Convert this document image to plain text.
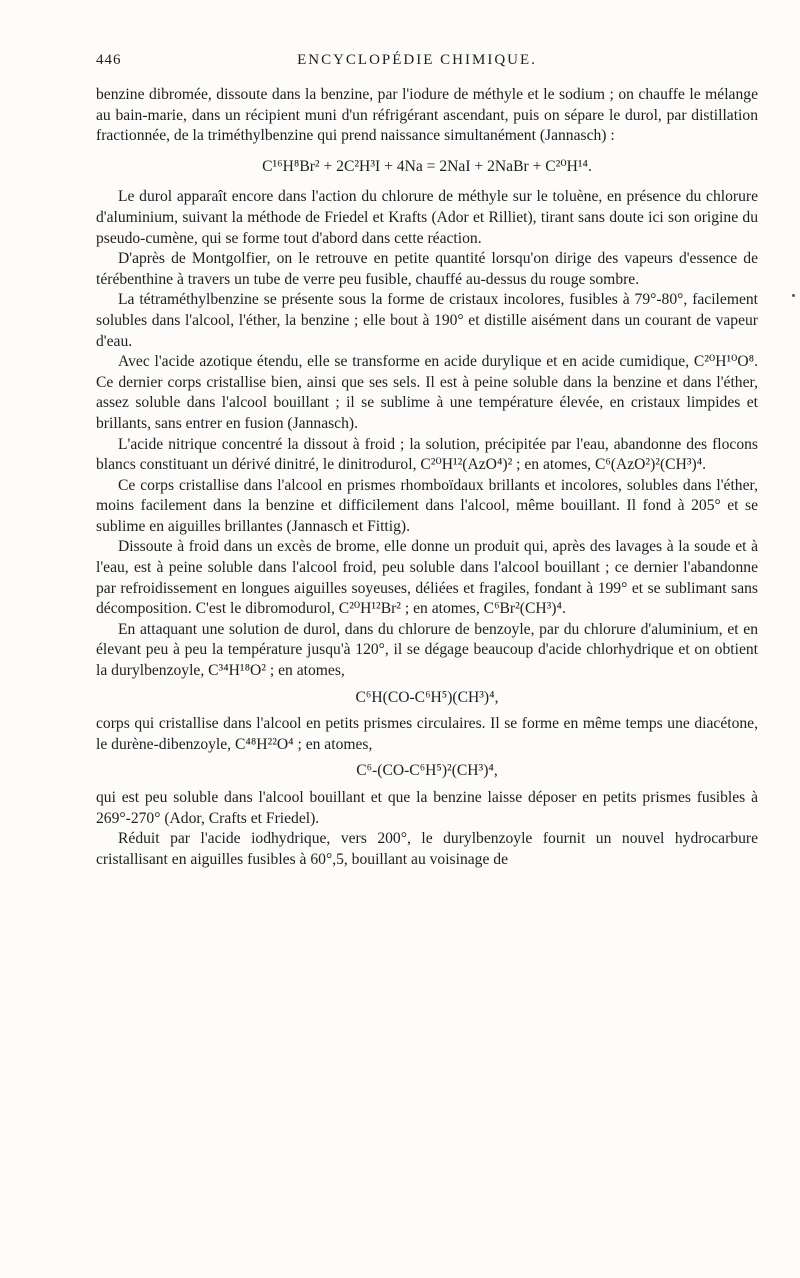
446	ENCYCLOPÉDIE CHIMIQUE.

benzine dibromée, dissoute dans la benzine, par l'iodure de méthyle et le sodium ; on chauffe le mélange au bain-marie, dans un récipient muni d'un réfrigérant ascendant, puis on sépare le durol, par distillation fractionnée, de la triméthylbenzine qui prend naissance simultanément (Jannasch) :

C¹⁶H⁸Br² + 2C²H³I + 4Na = 2NaI + 2NaBr + C²⁰H¹⁴.

Le durol apparaît encore dans l'action du chlorure de méthyle sur le toluène, en présence du chlorure d'aluminium, suivant la méthode de Friedel et Krafts (Ador et Rilliet), tirant sans doute ici son origine du pseudo-cumène, qui se forme tout d'abord dans cette réaction.

D'après de Montgolfier, on le retrouve en petite quantité lorsqu'on dirige des vapeurs d'essence de térébenthine à travers un tube de verre peu fusible, chauffé au-dessus du rouge sombre.

La tétraméthylbenzine se présente sous la forme de cristaux incolores, fusibles à 79°-80°, facilement solubles dans l'alcool, l'éther, la benzine ; elle bout à 190° et distille aisément dans un courant de vapeur d'eau.

Avec l'acide azotique étendu, elle se transforme en acide durylique et en acide cumidique, C²⁰H¹⁰O⁸. Ce dernier corps cristallise bien, ainsi que ses sels. Il est à peine soluble dans la benzine et dans l'éther, assez soluble dans l'alcool bouillant ; il se sublime à une température élevée, en cristaux limpides et brillants, sans entrer en fusion (Jannasch).

L'acide nitrique concentré la dissout à froid ; la solution, précipitée par l'eau, abandonne des flocons blancs constituant un dérivé dinitré, le dinitrodurol, C²⁰H¹²(AzO⁴)² ; en atomes, C⁶(AzO²)²(CH³)⁴.

Ce corps cristallise dans l'alcool en prismes rhomboïdaux brillants et incolores, solubles dans l'éther, moins facilement dans la benzine et difficilement dans l'alcool, même bouillant. Il fond à 205° et se sublime en aiguilles brillantes (Jannasch et Fittig).

Dissoute à froid dans un excès de brome, elle donne un produit qui, après des lavages à la soude et à l'eau, est à peine soluble dans l'alcool froid, peu soluble dans l'alcool bouillant ; ce dernier l'abandonne par refroidissement en longues aiguilles soyeuses, déliées et fragiles, fondant à 199° et se sublimant sans décomposition. C'est le dibromodurol, C²⁰H¹²Br² ; en atomes, C⁶Br²(CH³)⁴.

En attaquant une solution de durol, dans du chlorure de benzoyle, par du chlorure d'aluminium, et en élevant peu à peu la température jusqu'à 120°, il se dégage beaucoup d'acide chlorhydrique et on obtient la durylbenzoyle, C³⁴H¹⁸O² ; en atomes,

C⁶H(CO-C⁶H⁵)(CH³)⁴,

corps qui cristallise dans l'alcool en petits prismes circulaires. Il se forme en même temps une diacétone, le durène-dibenzoyle, C⁴⁸H²²O⁴ ; en atomes,

C⁶-(CO-C⁶H⁵)²(CH³)⁴,

qui est peu soluble dans l'alcool bouillant et que la benzine laisse déposer en petits prismes fusibles à 269°-270° (Ador, Crafts et Friedel).

Réduit par l'acide iodhydrique, vers 200°, le durylbenzoyle fournit un nouvel hydrocarbure cristallisant en aiguilles fusibles à 60°,5, bouillant au voisinage de
